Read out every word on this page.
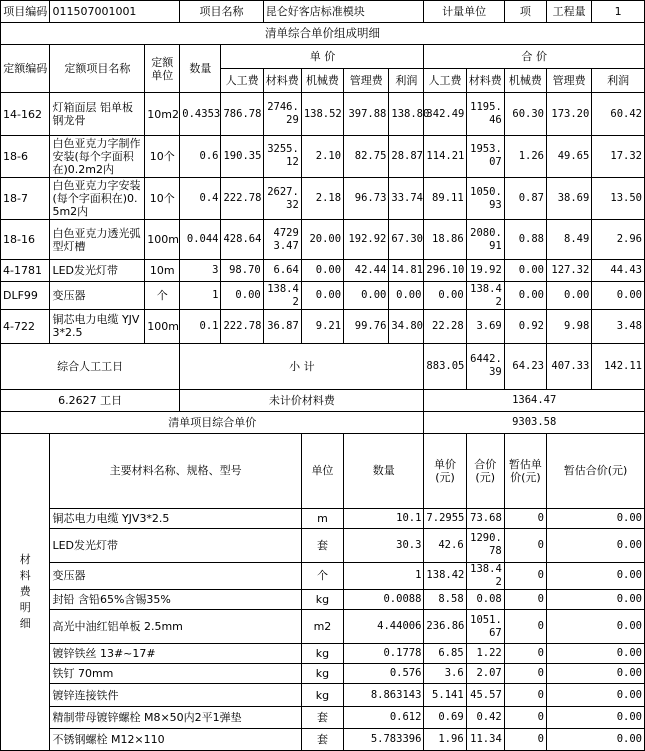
项目编码	011507001001		项目名称		昆仑好客店标准模块				计量单位		项	工程量	1
清单综合单价组成明细													
定额编码	定额项目名称	定额单位	数量	单 价					合 价				
				人工费	材料费	机械费	管理费	利润	人工费	材料费	机械费	管理费	利润
14-162	灯箱面层 铝单板 钢龙骨	10m2	0.4353	786.78	2746.29	138.52	397.88	138.80	342.49	1195.46	60.30	173.20	60.42
18-6	白色亚克力字制作安装(每个字面积在)0.2m2内	10个	0.6	190.35	3255.12	2.10	82.75	28.87	114.21	1953.07	1.26	49.65	17.32
18-7	白色亚克力字安装(每个字面积在)0.5m2内	10个	0.4	222.78	2627.32	2.18	96.73	33.74	89.11	1050.93	0.87	38.69	13.50
18-16	白色亚克力透光弧型灯槽	100m	0.044	428.64	47293.47	20.00	192.92	67.30	18.86	2080.91	0.88	8.49	2.96
4-1781	LED发光灯带	10m	3	98.70	6.64	0.00	42.44	14.81	296.10	19.92	0.00	127.32	44.43
DLF99	变压器	个	1	0.00	138.42	0.00	0.00	0.00	0.00	138.42	0.00	0.00	0.00
4-722	铜芯电力电缆 YJV3*2.5	100m	0.1	222.78	36.87	9.21	99.76	34.80	22.28	3.69	0.92	9.98	3.48
综合人工工日			小 计						883.05	6442.39	64.23	407.33	142.11
6.2627 工日			未计价材料费						1364.47				
清单项目综合单价									9303.58				

材料费明细	主要材料名称、规格、型号					单位	数量		单价(元)	合价(元)	暂估单价(元)	暂估合价(元)	
	铜芯电力电缆 YJV3*2.5					m	10.1		7.2955	73.68	0	0.00	
	LED发光灯带					套	30.3		42.6	1290.78	0	0.00	
	变压器					个	1		138.42	138.42	0	0.00	
	封铅 含铅65%含锡35%					kg	0.0088		8.58	0.08	0	0.00	
	高光中油红铝单板 2.5mm					m2	4.44006		236.86	1051.67	0	0.00	
	镀锌铁丝 13#~17#					kg	0.1778		6.85	1.22	0	0.00	
	铁钉 70mm					kg	0.576		3.6	2.07	0	0.00	
	镀锌连接铁件					kg	8.863143		5.141	45.57	0	0.00	
	精制带母镀锌螺栓 M8×50内2平1弹垫					套	0.612		0.69	0.42	0	0.00	
	不锈钢螺栓 M12×110					套	5.783396		1.96	11.34	0	0.00	
